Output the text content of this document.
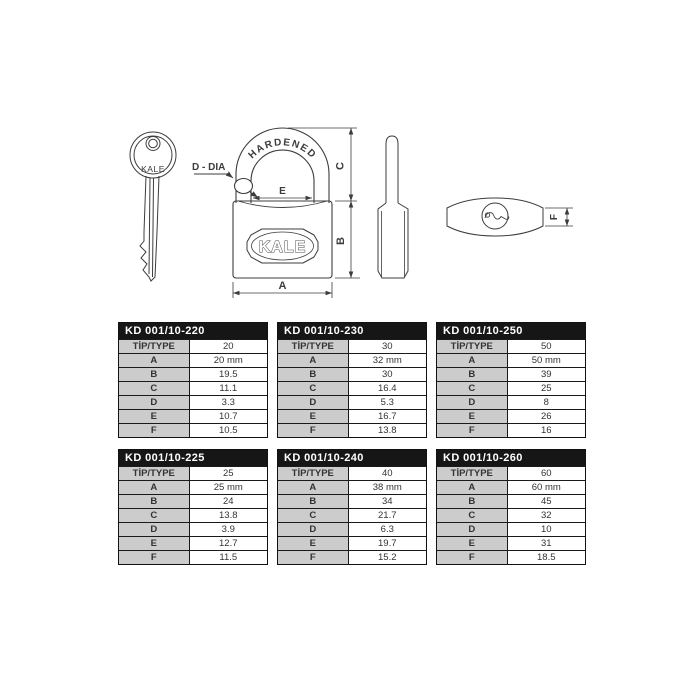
KALE	D - DIA
HARDENED
KALE
E
C
B
A
F
KD 001/10-220
TİP/TYPE	20
A	20 mm
B	19.5
C	11.1
D	3.3
E	10.7
F	10.5
KD 001/10-230
TİP/TYPE	30
A	32 mm
B	30
C	16.4
D	5.3
E	16.7
F	13.8
KD 001/10-250
TİP/TYPE	50
A	50 mm
B	39
C	25
D	8
E	26
F	16
KD 001/10-225
TİP/TYPE	25
A	25 mm
B	24
C	13.8
D	3.9
E	12.7
F	11.5
KD 001/10-240
TİP/TYPE	40
A	38 mm
B	34
C	21.7
D	6.3
E	19.7
F	15.2
KD 001/10-260
TİP/TYPE	60
A	60 mm
B	45
C	32
D	10
E	31
F	18.5
